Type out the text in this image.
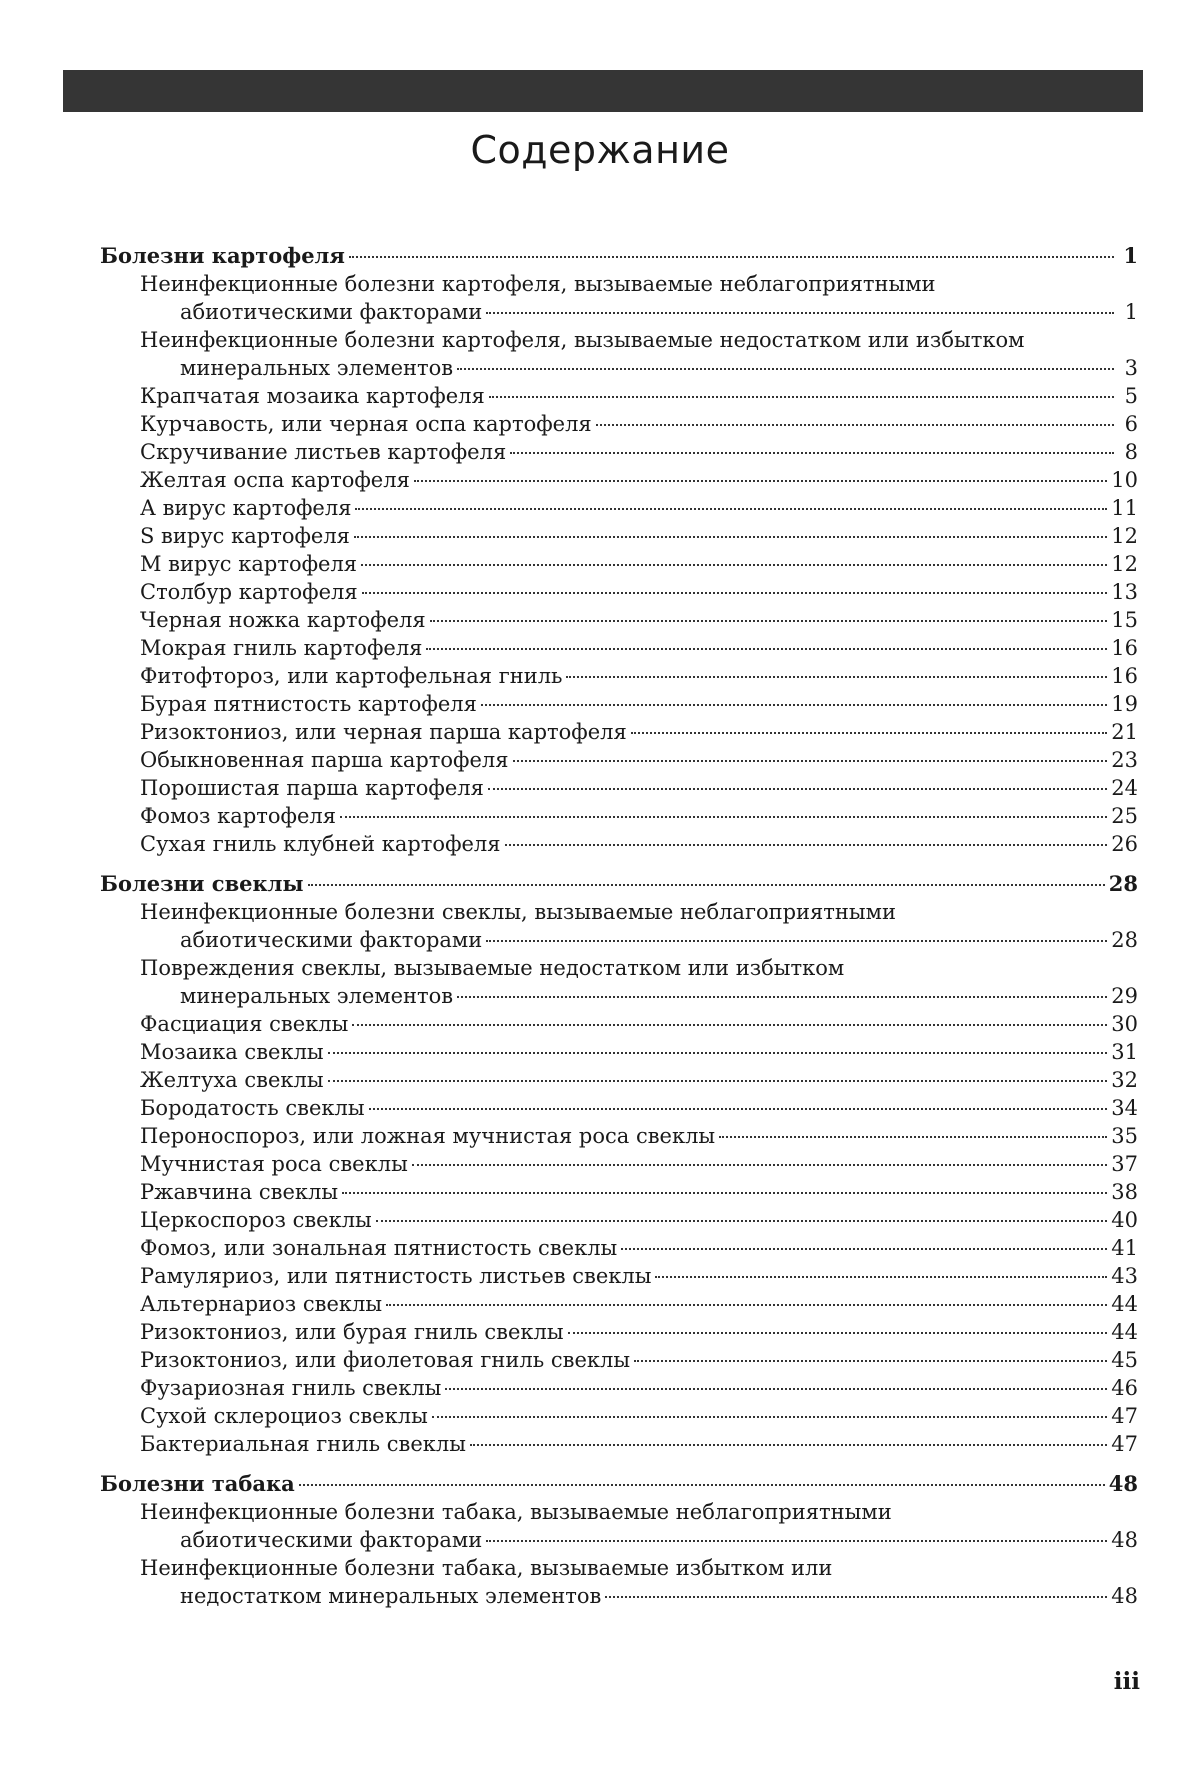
Содержание
Болезни картофеля	1
Неинфекционные болезни картофеля, вызываемые неблагоприятными
абиотическими факторами	1
Неинфекционные болезни картофеля, вызываемые недостатком или избытком
минеральных элементов	3
Крапчатая мозаика картофеля	5
Курчавость, или черная оспа картофеля	6
Скручивание листьев картофеля	8
Желтая оспа картофеля	10
А вирус картофеля	11
S вирус картофеля	12
М вирус картофеля	12
Столбур картофеля	13
Черная ножка картофеля	15
Мокрая гниль картофеля	16
Фитофтороз, или картофельная гниль	16
Бурая пятнистость картофеля	19
Ризоктониоз, или черная парша картофеля	21
Обыкновенная парша картофеля	23
Порошистая парша картофеля	24
Фомоз картофеля	25
Сухая гниль клубней картофеля	26
Болезни свеклы	28
Неинфекционные болезни свеклы, вызываемые неблагоприятными
абиотическими факторами	28
Повреждения свеклы, вызываемые недостатком или избытком
минеральных элементов	29
Фасциация свеклы	30
Мозаика свеклы	31
Желтуха свеклы	32
Бородатость свеклы	34
Пероноспороз, или ложная мучнистая роса свеклы	35
Мучнистая роса свеклы	37
Ржавчина свеклы	38
Церкоспороз свеклы	40
Фомоз, или зональная пятнистость свеклы	41
Рамуляриоз, или пятнистость листьев свеклы	43
Альтернариоз свеклы	44
Ризоктониоз, или бурая гниль свеклы	44
Ризоктониоз, или фиолетовая гниль свеклы	45
Фузариозная гниль свеклы	46
Сухой склероциоз свеклы	47
Бактериальная гниль свеклы	47
Болезни табака	48
Неинфекционные болезни табака, вызываемые неблагоприятными
абиотическими факторами	48
Неинфекционные болезни табака, вызываемые избытком или
недостатком минеральных элементов	48
iii
